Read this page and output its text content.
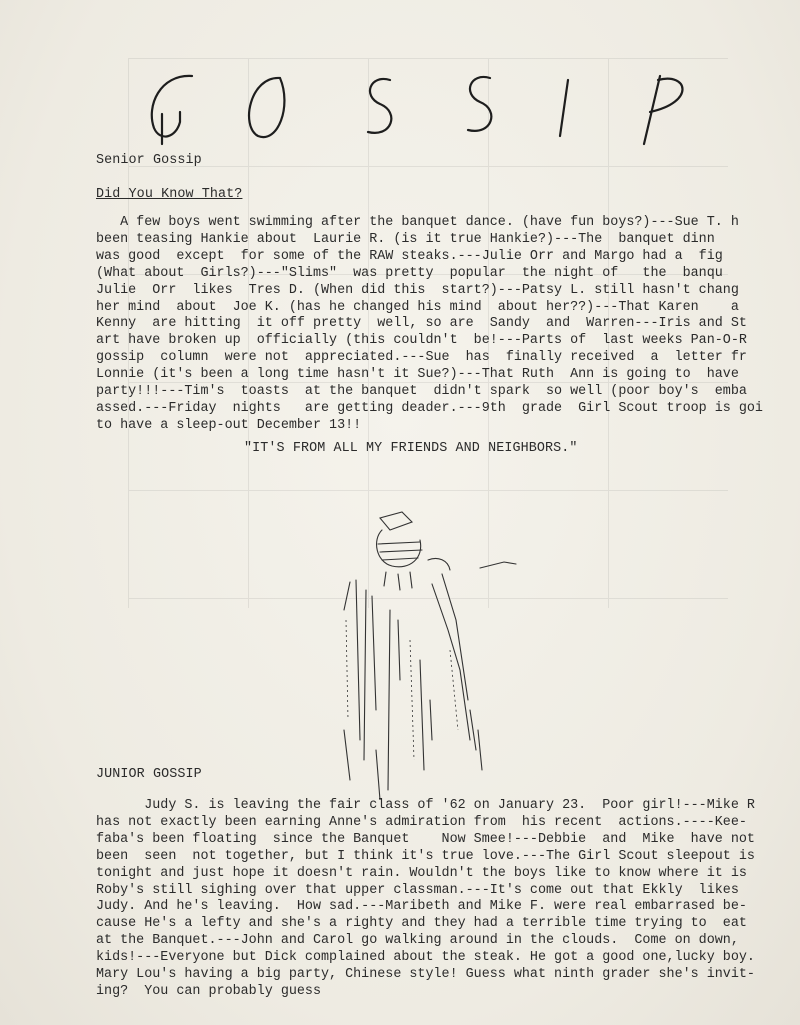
Senior Gossip
Did You Know That?
A few boys went swimming after the banquet dance. (have fun boys?)---Sue T. h
been teasing Hankie about  Laurie R. (is it true Hankie?)---The  banquet dinn
was good  except  for some of the RAW steaks.---Julie Orr and Margo had a  fig
(What about  Girls?)---"Slims"  was pretty  popular  the night of   the  banqu
Julie  Orr  likes  Tres D. (When did this  start?)---Patsy L. still hasn't chang
her mind  about  Joe K. (has he changed his mind  about her??)---That Karen    a
Kenny  are hitting  it off pretty  well, so are  Sandy  and  Warren---Iris and St
art have broken up  officially (this couldn't  be!---Parts of  last weeks Pan-O-R
gossip  column  were not  appreciated.---Sue  has  finally received  a  letter fr
Lonnie (it's been a long time hasn't it Sue?)---That Ruth  Ann is going to  have
party!!!---Tim's  toasts  at the banquet  didn't spark  so well (poor boy's  emba
assed.---Friday  nights   are getting deader.---9th  grade  Girl Scout troop is goi
to have a sleep-out December 13!!
"IT'S FROM ALL MY FRIENDS AND NEIGHBORS."
JUNIOR GOSSIP
Judy S. is leaving the fair class of '62 on January 23.  Poor girl!---Mike R
has not exactly been earning Anne's admiration from  his recent  actions.----Kee-
faba's been floating  since the Banquet    Now Smee!---Debbie  and  Mike  have not
been  seen  not together, but I think it's true love.---The Girl Scout sleepout is
tonight and just hope it doesn't rain. Wouldn't the boys like to know where it is
Roby's still sighing over that upper classman.---It's come out that Ekkly  likes
Judy. And he's leaving.  How sad.---Maribeth and Mike F. were real embarrased be-
cause He's a lefty and she's a righty and they had a terrible time trying to  eat
at the Banquet.---John and Carol go walking around in the clouds.  Come on down,
kids!---Everyone but Dick complained about the steak. He got a good one,lucky boy.
Mary Lou's having a big party, Chinese style! Guess what ninth grader she's invit-
ing?  You can probably guess
